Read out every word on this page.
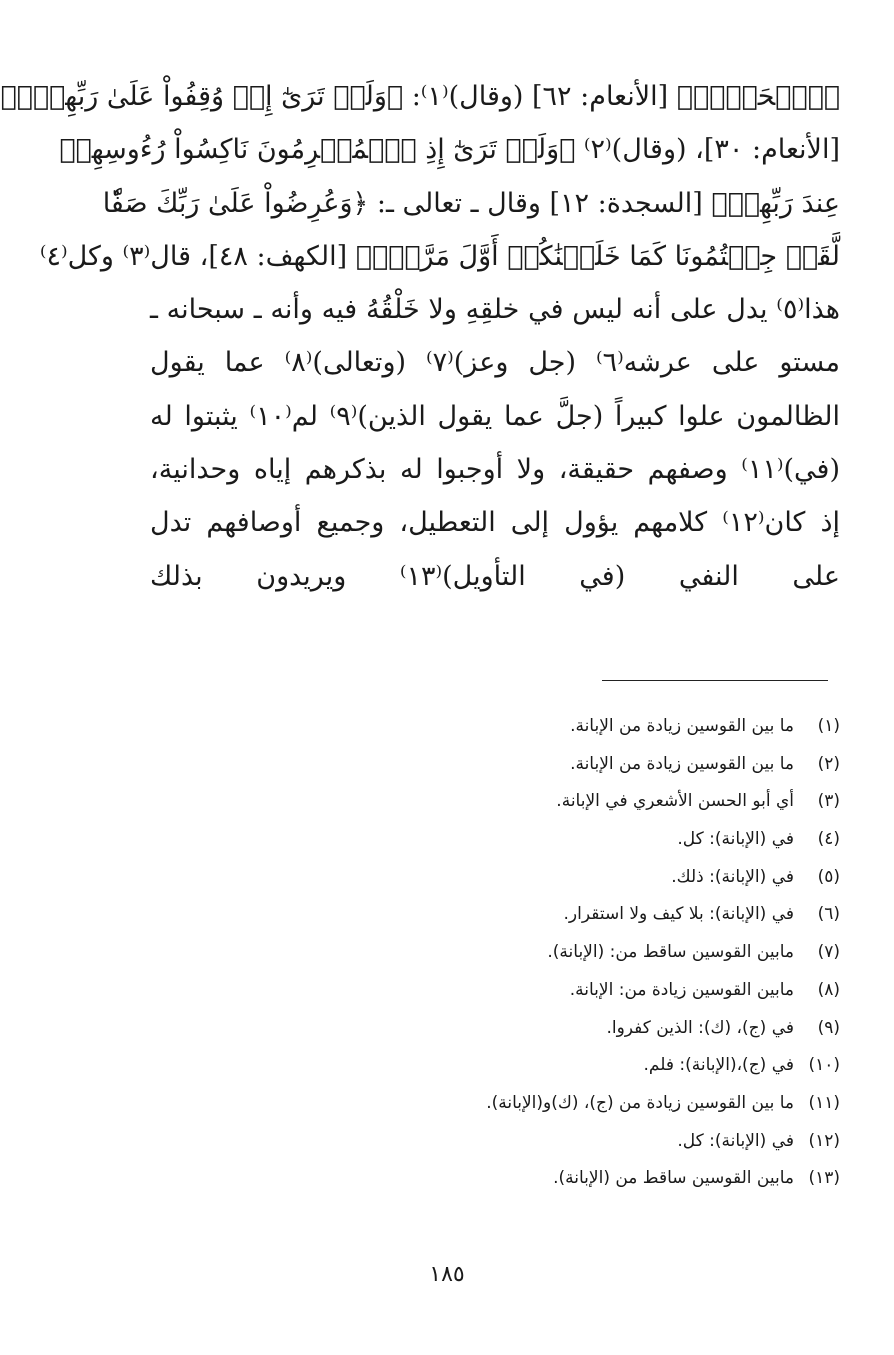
﴿ٱلۡحَقِّۚ﴾ [الأنعام: ٦٢] (وقال)⁽١⁾: ﴿وَلَوۡ تَرَىٰٓ إِذۡ وُقِفُواْ عَلَىٰ رَبِّهِمۡۚ﴾
[الأنعام: ٣٠]، (وقال)⁽٢⁾ ﴿وَلَوۡ تَرَىٰٓ إِذِ ٱلۡمُجۡرِمُونَ نَاكِسُواْ رُءُوسِهِمۡ
عِندَ رَبِّهِمۡ﴾ [السجدة: ١٢] وقال ـ تعالى ـ: ﴿وَعُرِضُواْ عَلَىٰ رَبِّكَ صَفّٗا
لَّقَدۡ جِئۡتُمُونَا كَمَا خَلَقۡنَٰكُمۡ أَوَّلَ مَرَّةِۭ﴾ [الكهف: ٤٨]، قال⁽٣⁾ وكل⁽٤⁾
هذا⁽٥⁾ يدل على أنه ليس في خلقِهِ ولا خَلْقُهُ فيه وأنه ـ سبحانه ـ
مستو على عرشه⁽٦⁾ (جل وعز)⁽٧⁾ (وتعالى)⁽٨⁾ عما يقول
الظالمون علوا كبيراً (جلَّ عما يقول الذين)⁽٩⁾ لم⁽١٠⁾ يثبتوا له
(في)⁽١١⁾ وصفهم حقيقة، ولا أوجبوا له بذكرهم إياه وحدانية،
إذ كان⁽١٢⁾ كلامهم يؤول إلى التعطيل، وجميع أوصافهم تدل
على النفي (في التأويل)⁽١٣⁾ ويريدون بذلك
(١)
ما بين القوسين زيادة من الإبانة.
(٢)
ما بين القوسين زيادة من الإبانة.
(٣)
أي أبو الحسن الأشعري في الإبانة.
(٤)
في (الإبانة): كل.
(٥)
في (الإبانة): ذلك.
(٦)
في (الإبانة): بلا كيف ولا استقرار.
(٧)
مابين القوسين ساقط من: (الإبانة).
(٨)
مابين القوسين زيادة من: الإبانة.
(٩)
في (ج)، (ك): الذين كفروا.
(١٠)
في (ج)،(الإبانة): فلم.
(١١)
ما بين القوسين زيادة من (ج)، (ك)و(الإبانة).
(١٢)
في (الإبانة): كل.
(١٣)
مابين القوسين ساقط من (الإبانة).
١٨٥
